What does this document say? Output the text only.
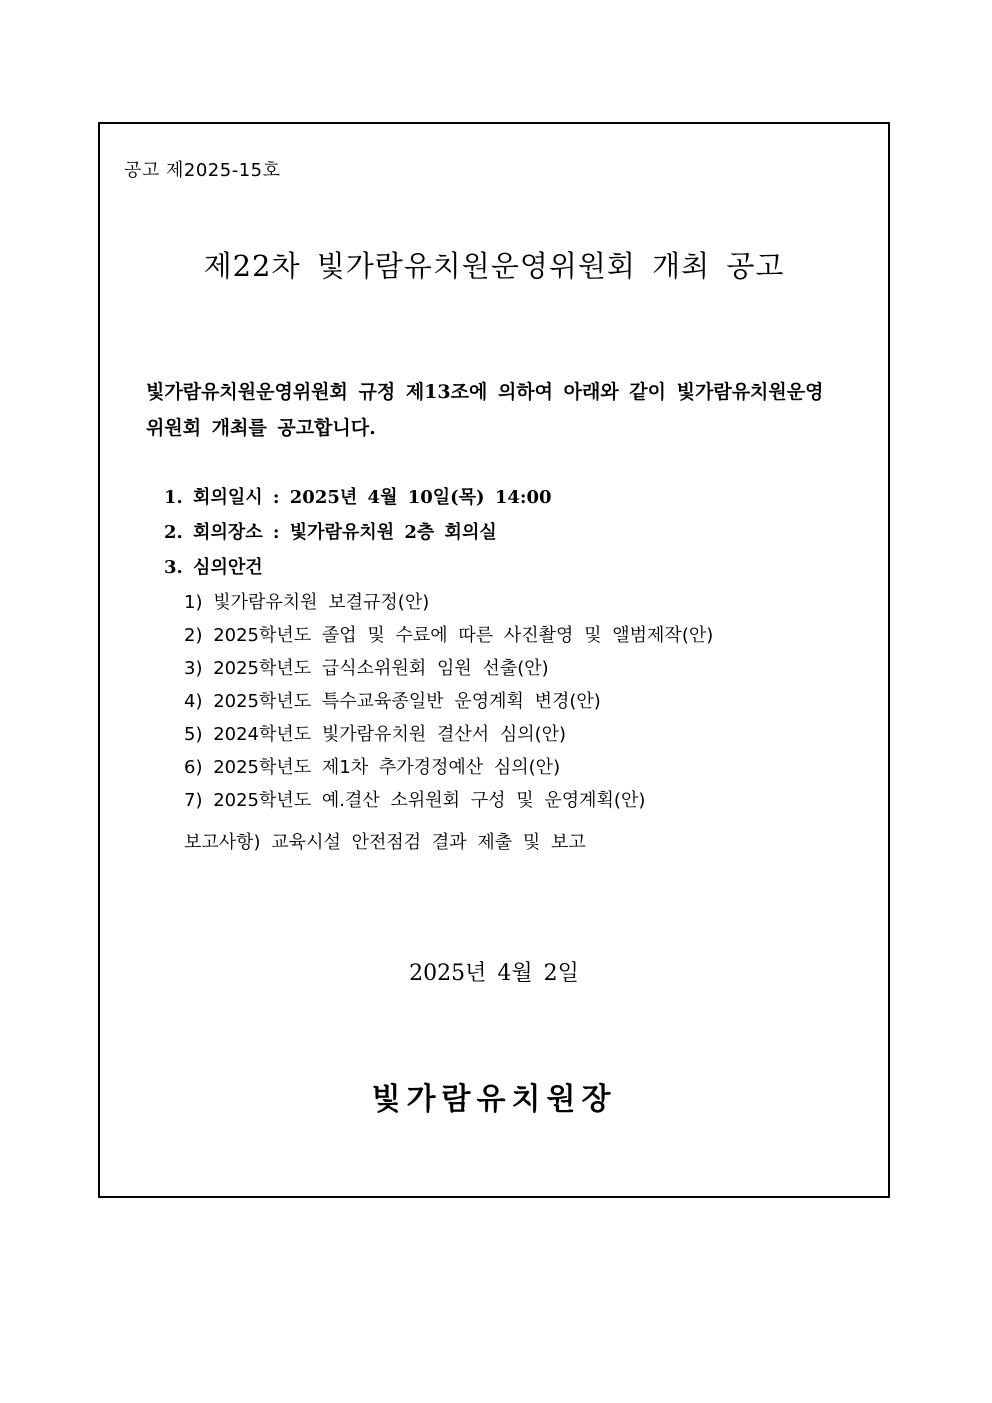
공고 제2025-15호
제22차 빛가람유치원운영위원회 개최 공고
빛가람유치원운영위원회 규정 제13조에 의하여 아래와 같이 빛가람유치원운영
위원회 개최를 공고합니다.
1. 회의일시 : 2025년 4월 10일(목) 14:00
2. 회의장소 : 빛가람유치원 2층 회의실
3. 심의안건
1) 빛가람유치원 보결규정(안)
2) 2025학년도 졸업 및 수료에 따른 사진촬영 및 앨범제작(안)
3) 2025학년도 급식소위원회 임원 선출(안)
4) 2025학년도 특수교육종일반 운영계획 변경(안)
5) 2024학년도 빛가람유치원 결산서 심의(안)
6) 2025학년도 제1차 추가경정예산 심의(안)
7) 2025학년도 예.결산 소위원회 구성 및 운영계획(안)
보고사항) 교육시설 안전점검 결과 제출 및 보고
2025년 4월 2일
빛가람유치원장
